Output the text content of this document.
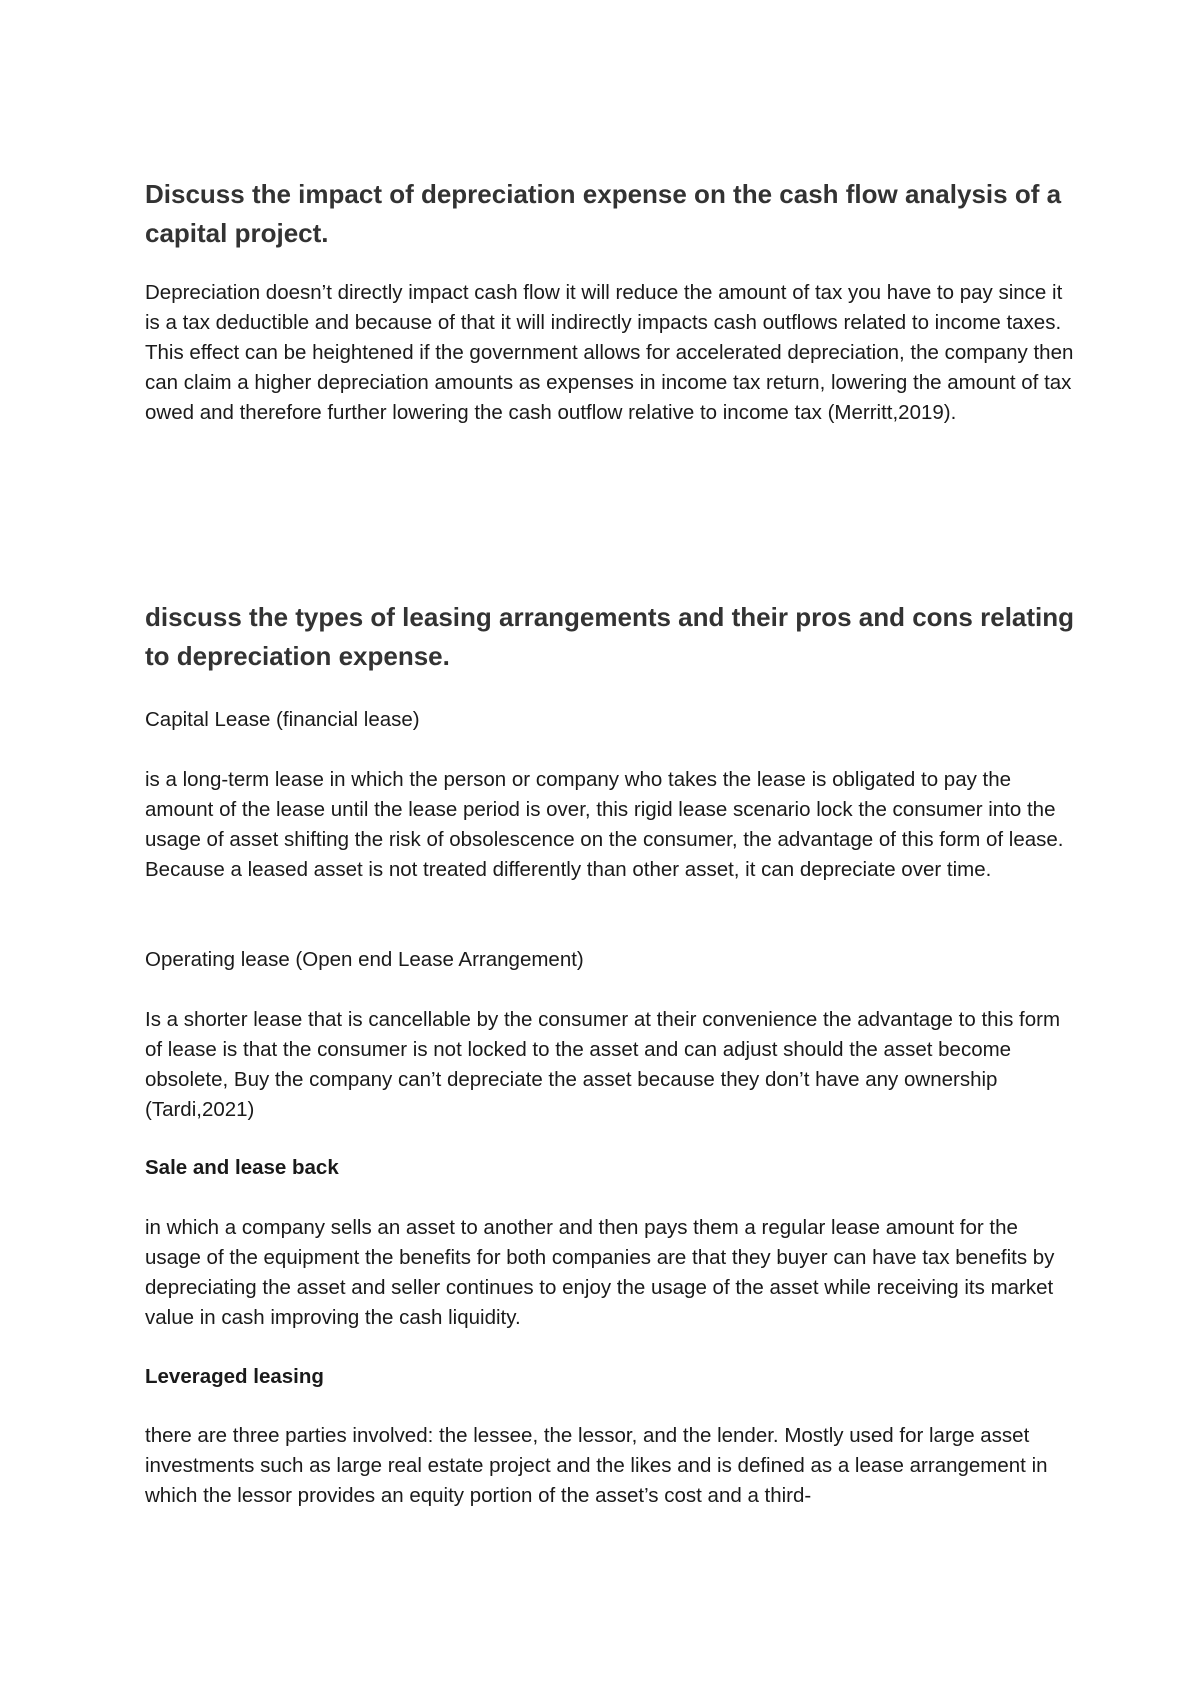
Discuss the impact of depreciation expense on the cash flow analysis of a capital project.

Depreciation doesn’t directly impact cash flow it will reduce the amount of tax you have to pay since it is a tax deductible and because of that it will indirectly impacts cash outflows related to income taxes. This effect can be heightened if the government allows for accelerated depreciation, the company then can claim a higher depreciation amounts as expenses in income tax return, lowering the amount of tax owed and therefore further lowering the cash outflow relative to income tax (Merritt,2019).

discuss the types of leasing arrangements and their pros and cons relating to depreciation expense.

Capital Lease (financial lease)

is a long-term lease in which the person or company who takes the lease is obligated to pay the amount of the lease until the lease period is over, this rigid lease scenario lock the consumer into the usage of asset shifting the risk of obsolescence on the consumer, the advantage of this form of lease. Because a leased asset is not treated differently than other asset, it can depreciate over time.

Operating lease (Open end Lease Arrangement)

Is a shorter lease that is cancellable by the consumer at their convenience the advantage to this form of lease is that the consumer is not locked to the asset and can adjust should the asset become obsolete, Buy the company can’t depreciate the asset because they don’t have any ownership (Tardi,2021)

Sale and lease back

in which a company sells an asset to another and then pays them a regular lease amount for the usage of the equipment the benefits for both companies are that they buyer can have tax benefits by depreciating the asset and seller continues to enjoy the usage of the asset while receiving its market value in cash improving the cash liquidity.

Leveraged leasing

there are three parties involved: the lessee, the lessor, and the lender. Mostly used for large asset investments such as large real estate project and the likes and is defined as a lease arrangement in which the lessor provides an equity portion of the asset’s cost and a third-
